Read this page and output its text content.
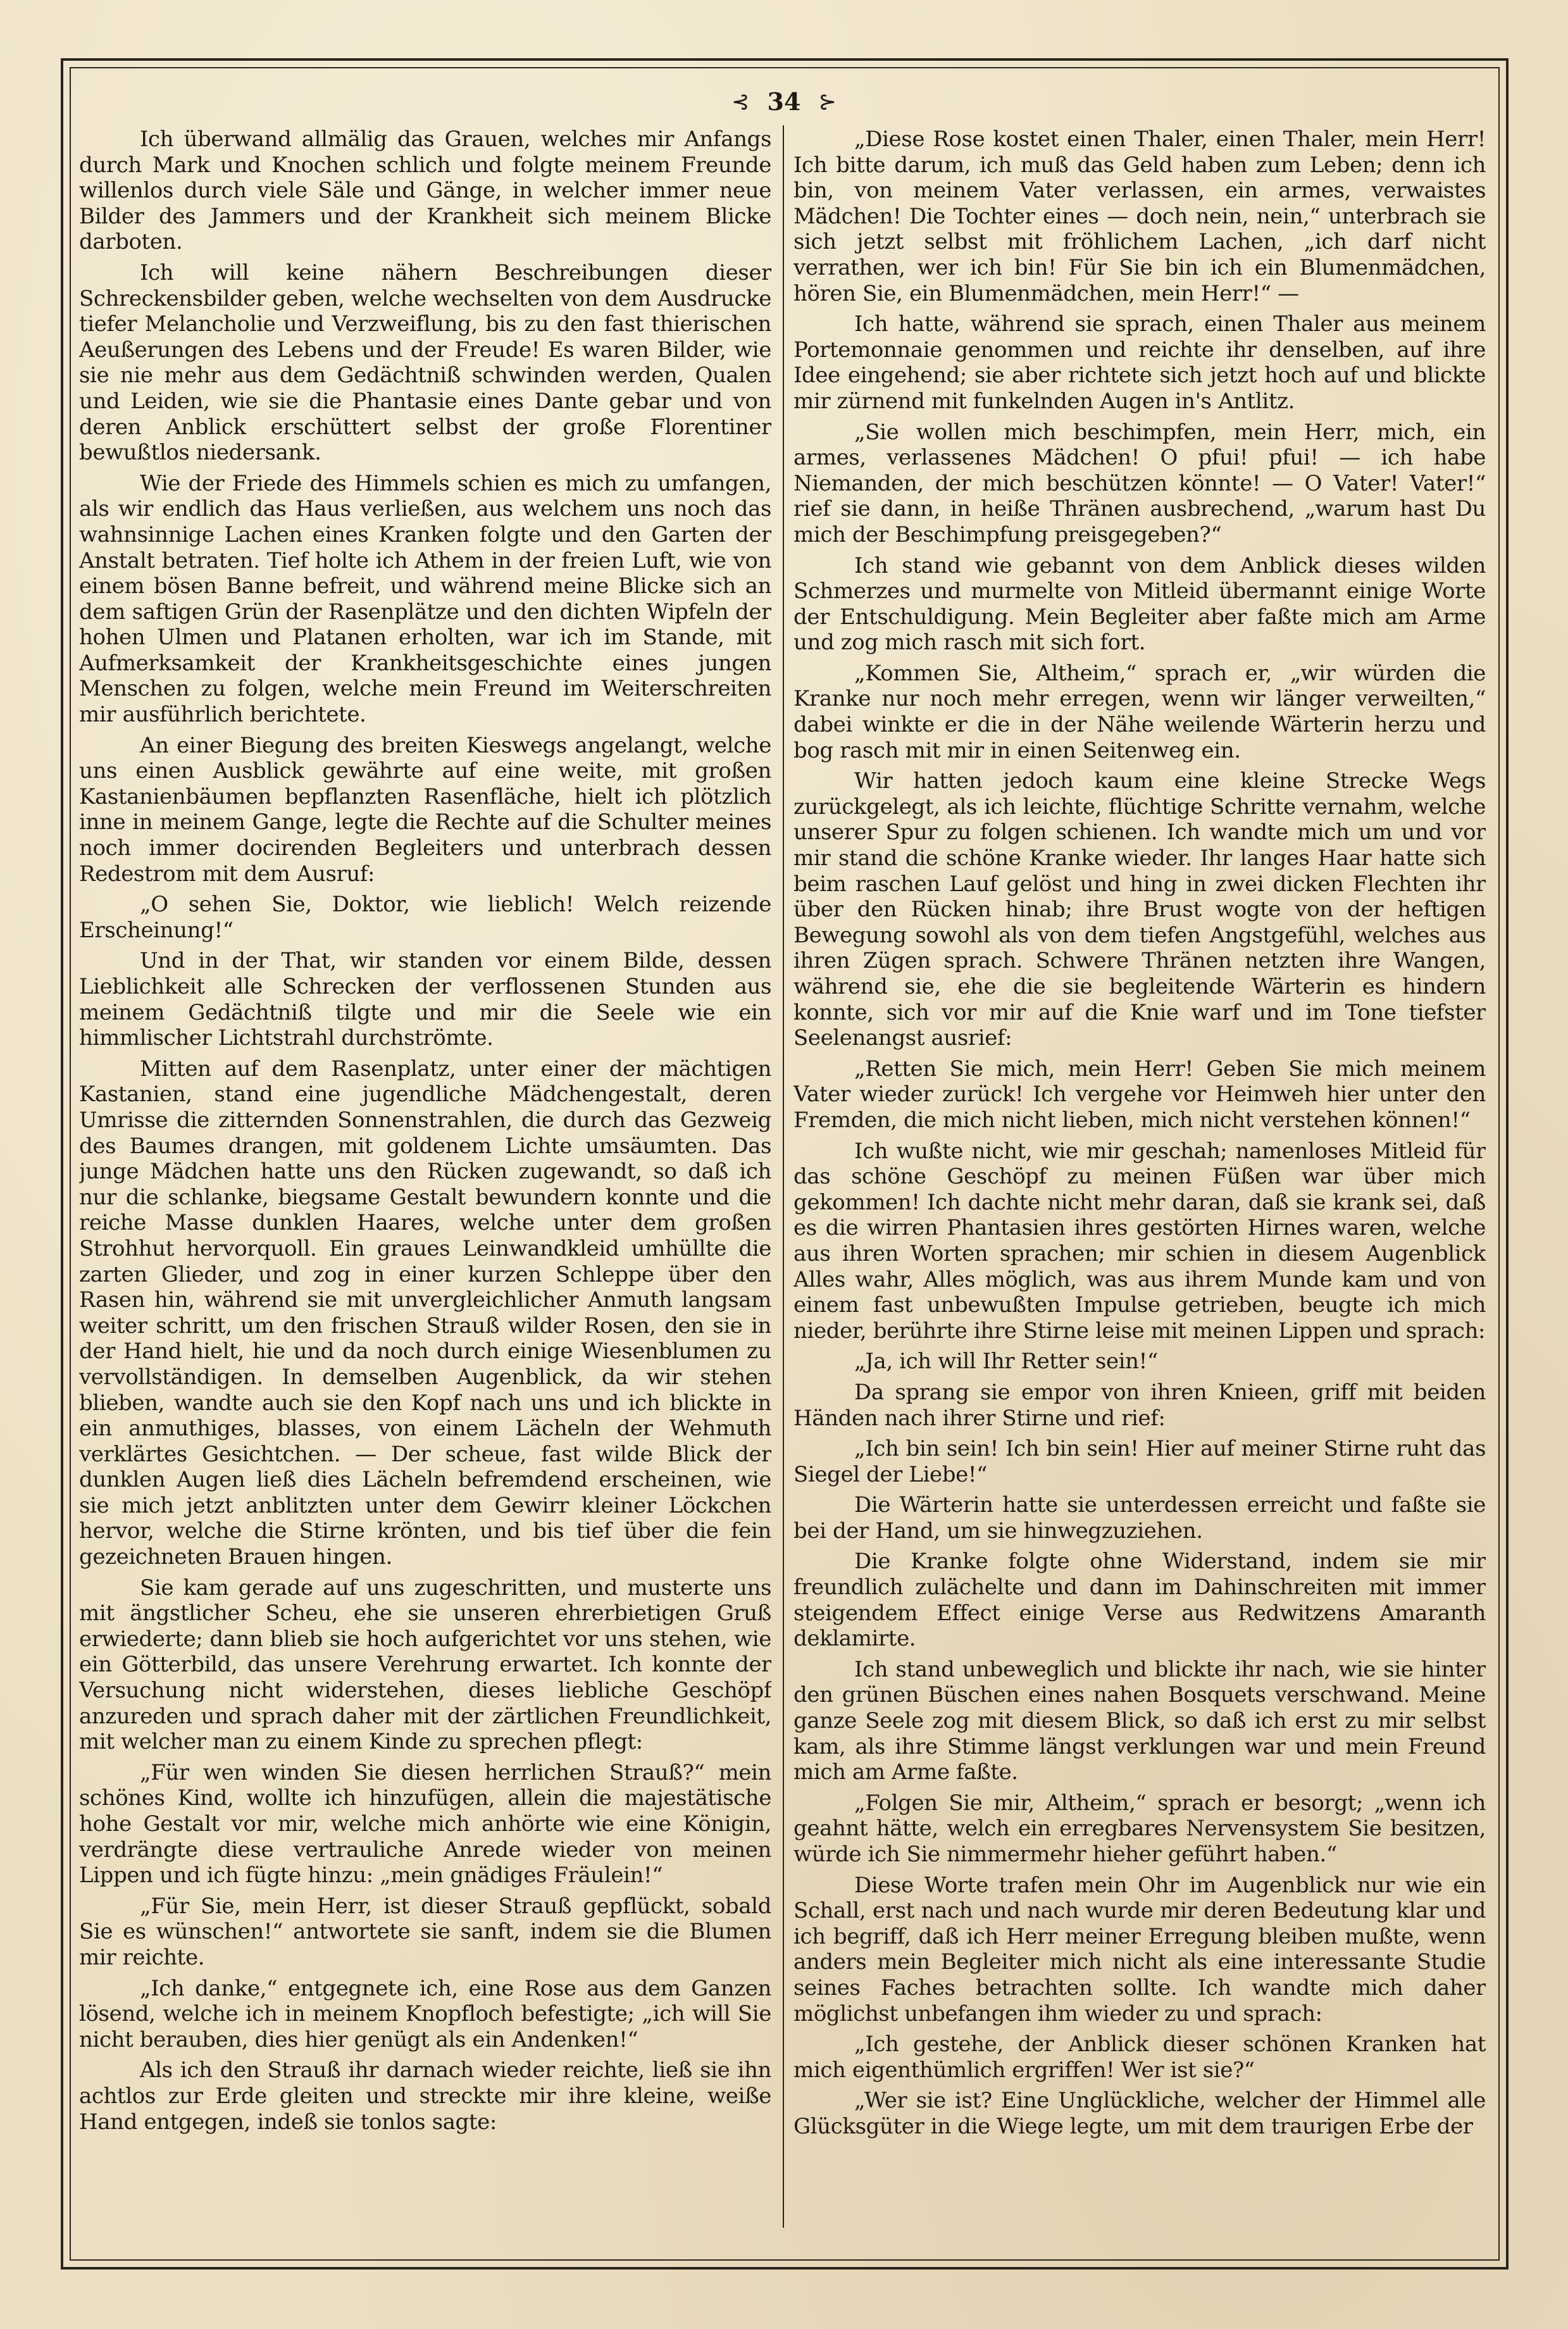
⊰ 34 ⊱

Ich überwand allmälig das Grauen, welches mir Anfangs durch Mark und Knochen schlich und folgte meinem Freunde willenlos durch viele Säle und Gänge, in welcher immer neue Bilder des Jammers und der Krankheit sich meinem Blicke darboten.

Ich will keine nähern Beschreibungen dieser Schreckensbilder geben, welche wechselten von dem Ausdrucke tiefer Melancholie und Verzweiflung, bis zu den fast thierischen Aeußerungen des Lebens und der Freude! Es waren Bilder, wie sie nie mehr aus dem Gedächtniß schwinden werden, Qualen und Leiden, wie sie die Phantasie eines Dante gebar und von deren Anblick erschüttert selbst der große Florentiner bewußtlos niedersank.

Wie der Friede des Himmels schien es mich zu umfangen, als wir endlich das Haus verließen, aus welchem uns noch das wahnsinnige Lachen eines Kranken folgte und den Garten der Anstalt betraten. Tief holte ich Athem in der freien Luft, wie von einem bösen Banne befreit, und während meine Blicke sich an dem saftigen Grün der Rasenplätze und den dichten Wipfeln der hohen Ulmen und Platanen erholten, war ich im Stande, mit Aufmerksamkeit der Krankheitsgeschichte eines jungen Menschen zu folgen, welche mein Freund im Weiterschreiten mir ausführlich berichtete.

An einer Biegung des breiten Kieswegs angelangt, welche uns einen Ausblick gewährte auf eine weite, mit großen Kastanienbäumen bepflanzten Rasenfläche, hielt ich plötzlich inne in meinem Gange, legte die Rechte auf die Schulter meines noch immer docirenden Begleiters und unterbrach dessen Redestrom mit dem Ausruf:

„O sehen Sie, Doktor, wie lieblich! Welch reizende Erscheinung!“

Und in der That, wir standen vor einem Bilde, dessen Lieblichkeit alle Schrecken der verflossenen Stunden aus meinem Gedächtniß tilgte und mir die Seele wie ein himmlischer Lichtstrahl durchströmte.

Mitten auf dem Rasenplatz, unter einer der mächtigen Kastanien, stand eine jugendliche Mädchengestalt, deren Umrisse die zitternden Sonnenstrahlen, die durch das Gezweig des Baumes drangen, mit goldenem Lichte umsäumten. Das junge Mädchen hatte uns den Rücken zugewandt, so daß ich nur die schlanke, biegsame Gestalt bewundern konnte und die reiche Masse dunklen Haares, welche unter dem großen Strohhut hervorquoll. Ein graues Leinwandkleid umhüllte die zarten Glieder, und zog in einer kurzen Schleppe über den Rasen hin, während sie mit unvergleichlicher Anmuth langsam weiter schritt, um den frischen Strauß wilder Rosen, den sie in der Hand hielt, hie und da noch durch einige Wiesenblumen zu vervollständigen. In demselben Augenblick, da wir stehen blieben, wandte auch sie den Kopf nach uns und ich blickte in ein anmuthiges, blasses, von einem Lächeln der Wehmuth verklärtes Gesichtchen. — Der scheue, fast wilde Blick der dunklen Augen ließ dies Lächeln befremdend erscheinen, wie sie mich jetzt anblitzten unter dem Gewirr kleiner Löckchen hervor, welche die Stirne krönten, und bis tief über die fein gezeichneten Brauen hingen.

Sie kam gerade auf uns zugeschritten, und musterte uns mit ängstlicher Scheu, ehe sie unseren ehrerbietigen Gruß erwiederte; dann blieb sie hoch aufgerichtet vor uns stehen, wie ein Götterbild, das unsere Verehrung erwartet. Ich konnte der Versuchung nicht widerstehen, dieses liebliche Geschöpf anzureden und sprach daher mit der zärtlichen Freundlichkeit, mit welcher man zu einem Kinde zu sprechen pflegt:

„Für wen winden Sie diesen herrlichen Strauß?“ mein schönes Kind, wollte ich hinzufügen, allein die majestätische hohe Gestalt vor mir, welche mich anhörte wie eine Königin, verdrängte diese vertrauliche Anrede wieder von meinen Lippen und ich fügte hinzu: „mein gnädiges Fräulein!“

„Für Sie, mein Herr, ist dieser Strauß gepflückt, sobald Sie es wünschen!“ antwortete sie sanft, indem sie die Blumen mir reichte.

„Ich danke,“ entgegnete ich, eine Rose aus dem Ganzen lösend, welche ich in meinem Knopfloch befestigte; „ich will Sie nicht berauben, dies hier genügt als ein Andenken!“

Als ich den Strauß ihr darnach wieder reichte, ließ sie ihn achtlos zur Erde gleiten und streckte mir ihre kleine, weiße Hand entgegen, indeß sie tonlos sagte:

„Diese Rose kostet einen Thaler, einen Thaler, mein Herr! Ich bitte darum, ich muß das Geld haben zum Leben; denn ich bin, von meinem Vater verlassen, ein armes, verwaistes Mädchen! Die Tochter eines — doch nein, nein,“ unterbrach sie sich jetzt selbst mit fröhlichem Lachen, „ich darf nicht verrathen, wer ich bin! Für Sie bin ich ein Blumenmädchen, hören Sie, ein Blumenmädchen, mein Herr!“ —

Ich hatte, während sie sprach, einen Thaler aus meinem Portemonnaie genommen und reichte ihr denselben, auf ihre Idee eingehend; sie aber richtete sich jetzt hoch auf und blickte mir zürnend mit funkelnden Augen in's Antlitz.

„Sie wollen mich beschimpfen, mein Herr, mich, ein armes, verlassenes Mädchen! O pfui! pfui! — ich habe Niemanden, der mich beschützen könnte! — O Vater! Vater!“ rief sie dann, in heiße Thränen ausbrechend, „warum hast Du mich der Beschimpfung preisgegeben?“

Ich stand wie gebannt von dem Anblick dieses wilden Schmerzes und murmelte von Mitleid übermannt einige Worte der Entschuldigung. Mein Begleiter aber faßte mich am Arme und zog mich rasch mit sich fort.

„Kommen Sie, Altheim,“ sprach er, „wir würden die Kranke nur noch mehr erregen, wenn wir länger verweilten,“ dabei winkte er die in der Nähe weilende Wärterin herzu und bog rasch mit mir in einen Seitenweg ein.

Wir hatten jedoch kaum eine kleine Strecke Wegs zurückgelegt, als ich leichte, flüchtige Schritte vernahm, welche unserer Spur zu folgen schienen. Ich wandte mich um und vor mir stand die schöne Kranke wieder. Ihr langes Haar hatte sich beim raschen Lauf gelöst und hing in zwei dicken Flechten ihr über den Rücken hinab; ihre Brust wogte von der heftigen Bewegung sowohl als von dem tiefen Angstgefühl, welches aus ihren Zügen sprach. Schwere Thränen netzten ihre Wangen, während sie, ehe die sie begleitende Wärterin es hindern konnte, sich vor mir auf die Knie warf und im Tone tiefster Seelenangst ausrief:

„Retten Sie mich, mein Herr! Geben Sie mich meinem Vater wieder zurück! Ich vergehe vor Heimweh hier unter den Fremden, die mich nicht lieben, mich nicht verstehen können!“

Ich wußte nicht, wie mir geschah; namenloses Mitleid für das schöne Geschöpf zu meinen Füßen war über mich gekommen! Ich dachte nicht mehr daran, daß sie krank sei, daß es die wirren Phantasien ihres gestörten Hirnes waren, welche aus ihren Worten sprachen; mir schien in diesem Augenblick Alles wahr, Alles möglich, was aus ihrem Munde kam und von einem fast unbewußten Impulse getrieben, beugte ich mich nieder, berührte ihre Stirne leise mit meinen Lippen und sprach:

„Ja, ich will Ihr Retter sein!“

Da sprang sie empor von ihren Knieen, griff mit beiden Händen nach ihrer Stirne und rief:

„Ich bin sein! Ich bin sein! Hier auf meiner Stirne ruht das Siegel der Liebe!“

Die Wärterin hatte sie unterdessen erreicht und faßte sie bei der Hand, um sie hinwegzuziehen.

Die Kranke folgte ohne Widerstand, indem sie mir freundlich zulächelte und dann im Dahinschreiten mit immer steigendem Effect einige Verse aus Redwitzens Amaranth deklamirte.

Ich stand unbeweglich und blickte ihr nach, wie sie hinter den grünen Büschen eines nahen Bosquets verschwand. Meine ganze Seele zog mit diesem Blick, so daß ich erst zu mir selbst kam, als ihre Stimme längst verklungen war und mein Freund mich am Arme faßte.

„Folgen Sie mir, Altheim,“ sprach er besorgt; „wenn ich geahnt hätte, welch ein erregbares Nervensystem Sie besitzen, würde ich Sie nimmermehr hieher geführt haben.“

Diese Worte trafen mein Ohr im Augenblick nur wie ein Schall, erst nach und nach wurde mir deren Bedeutung klar und ich begriff, daß ich Herr meiner Erregung bleiben mußte, wenn anders mein Begleiter mich nicht als eine interessante Studie seines Faches betrachten sollte. Ich wandte mich daher möglichst unbefangen ihm wieder zu und sprach:

„Ich gestehe, der Anblick dieser schönen Kranken hat mich eigenthümlich ergriffen! Wer ist sie?“

„Wer sie ist? Eine Unglückliche, welcher der Himmel alle Glücksgüter in die Wiege legte, um mit dem traurigen Erbe der
